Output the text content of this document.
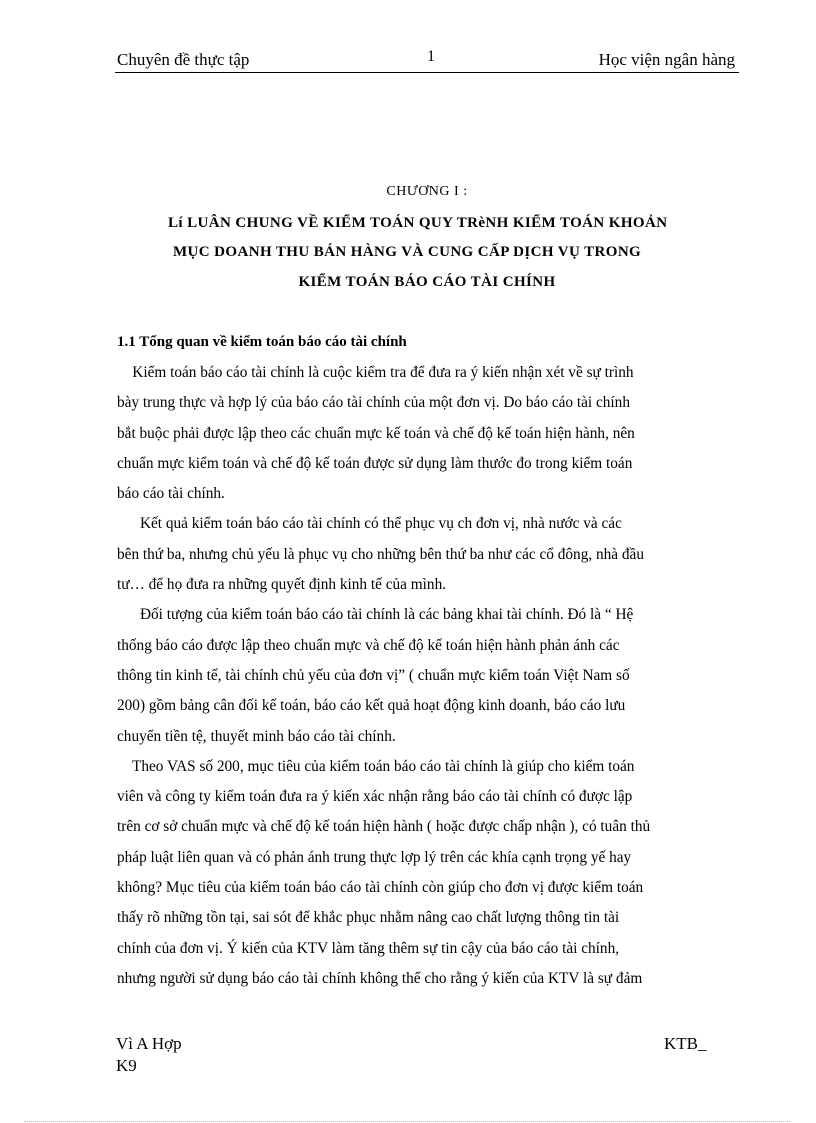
Chuyên đề thực tập	1	Học viện ngân hàng
CHƯƠNG I :
Lí LUÂN CHUNG VỀ KIỂM TOÁN QUY TRèNH KIỂM TOÁN KHOẢN
MỤC DOANH THU BÁN HÀNG VÀ CUNG CẤP DỊCH VỤ TRONG
KIỂM TOÁN BÁO CÁO TÀI CHÍNH
1.1 Tổng quan về kiểm toán báo cáo tài chính
Kiểm toán báo cáo tài chính là cuộc kiểm tra để đưa ra ý kiến nhận xét về sự trình
bày trung thực và hợp lý của báo cáo tài chính của một đơn vị. Do báo cáo tài chính
bắt buộc phải được lập theo các chuẩn mực kế toán và chế độ kế toán hiện hành, nên
chuẩn mực kiểm toán và chế độ kế toán được sử dụng làm thước đo trong kiểm toán
báo cáo tài chính.
Kết quả kiểm toán báo cáo tài chính có thể phục vụ ch đơn vị, nhà nước và các
bên thứ ba, nhưng chủ yếu là phục vụ cho những bên thứ ba như các cổ đông, nhà đầu
tư… để họ đưa ra những quyết định kinh tế của mình.
Đối tượng của kiểm toán báo cáo tài chính là các bảng khai tài chính. Đó là “ Hệ
thống báo cáo được lập theo chuẩn mực và chế độ kế toán hiện hành phản ánh các
thông tin kinh tế, tài chính chủ yếu của đơn vị” ( chuẩn mực kiểm toán Việt Nam số
200) gồm bảng cân đối kế toán, báo cáo kết quả hoạt động kinh doanh, báo cáo lưu
chuyển tiền tệ, thuyết minh báo cáo tài chính.
Theo VAS số 200, mục tiêu của kiểm toán báo cáo tài chính là giúp cho kiểm toán
viên và công ty kiểm toán đưa ra ý kiến xác nhận rằng báo cáo tài chính có được lập
trên cơ sở chuẩn mực và chế độ kế toán hiện hành ( hoặc được chấp nhận ), có tuân thủ
pháp luật liên quan và có phản ánh trung thực lợp lý trên các khía cạnh trọng yế hay
không? Mục tiêu của kiểm toán báo cáo tài chính còn giúp cho đơn vị được kiểm toán
thấy rõ những tồn tại, sai sót để khắc phục nhằm nâng cao chất lượng thông tin tài
chính của đơn vị. Ý kiến của KTV làm tăng thêm sự tin cậy của báo cáo tài chính,
nhưng người sử dụng báo cáo tài chính không thể cho rằng ý kiến của KTV là sự đảm
Vì A Hợp
K9
KTB_
